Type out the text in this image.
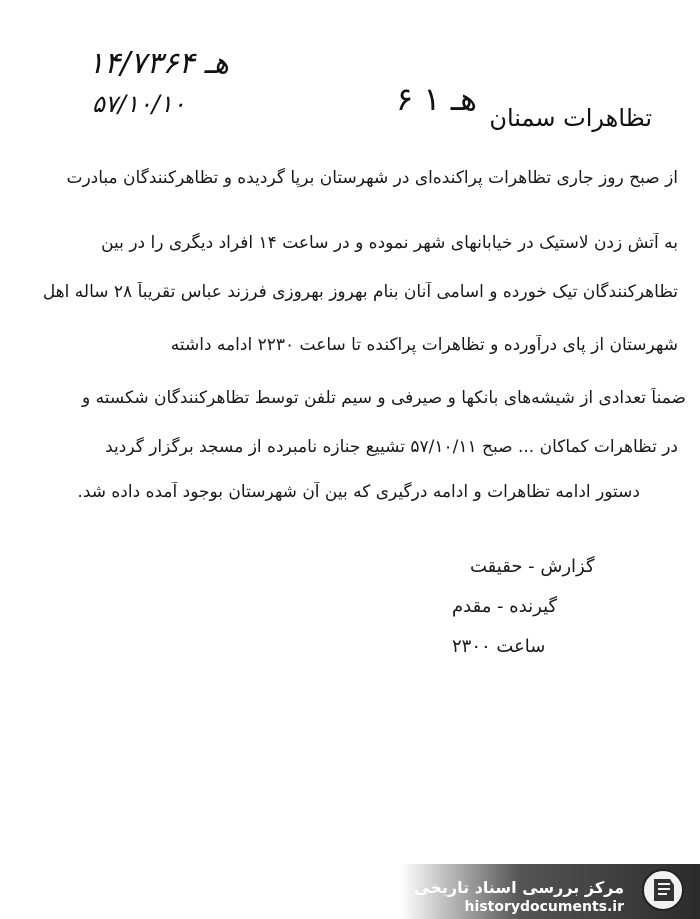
۱۴/۷۳۶۴ هـ
۵۷/۱۰/۱۰	۶ ۱ هـ تظاهرات سمنان
از صبح روز جاری تظاهرات پراکنده‌ای در شهرستان برپا گردیده و تظاهرکنندگان مبادرت
به آتش زدن لاستیک در خیابانهای شهر نموده و در ساعت ۱۴ افراد دیگری را در بین
تظاهرکنندگان تیک خورده و اسامی آنان بنام بهروز بهروزی فرزند عباس تقریباً ۲۸ ساله اهل
شهرستان از پای درآورده و تظاهرات پراکنده تا ساعت ۲۲۳۰ ادامه داشته
ضمناً تعدادی از شیشه‌های بانکها و صیرفی و سیم تلفن توسط تظاهرکنندگان شکسته و
در تظاهرات کماکان ... صبح ۵۷/۱۰/۱۱ تشییع جنازه نامبرده از مسجد برگزار گردید
دستور ادامه تظاهرات و ادامه درگیری که بین آن شهرستان بوجود آمده داده شد.
گزارش - حقیقت
گیرنده - مقدم
ساعت ۲۳۰۰
مرکز بررسی اسناد تاریخی
historydocuments.ir
